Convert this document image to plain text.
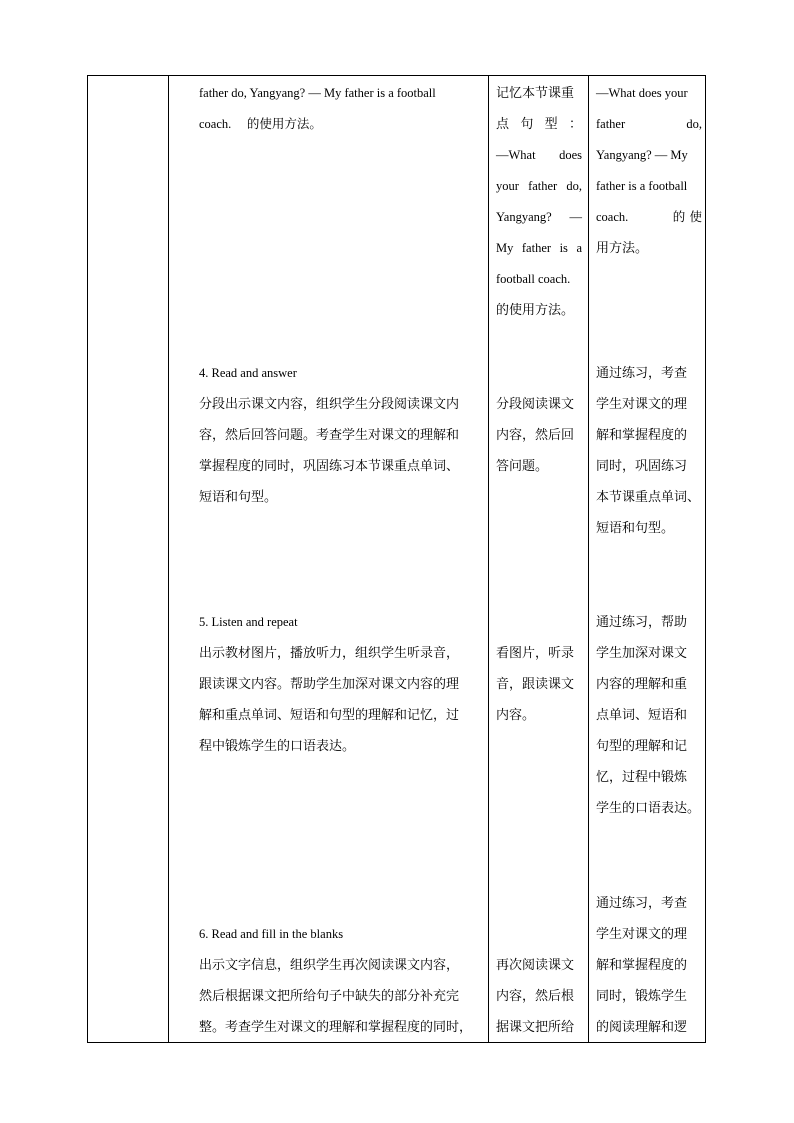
father do, Yangyang? — My father is a football
coach.     的使用方法。
记忆本节课重
点 句 型 ：
—What does
your father do,
Yangyang? —
My father is a
football coach.
的使用方法。
—What does your
father do,
Yangyang? — My
father is a football
coach.      的使
用方法。
4. Read and answer
分段出示课文内容，组织学生分段阅读课文内
容，然后回答问题。考查学生对课文的理解和
掌握程度的同时，巩固练习本节课重点单词、
短语和句型。
分段阅读课文
内容，然后回
答问题。
通过练习，考查
学生对课文的理
解和掌握程度的
同时，巩固练习
本节课重点单词、
短语和句型。
5. Listen and repeat
出示教材图片，播放听力，组织学生听录音，
跟读课文内容。帮助学生加深对课文内容的理
解和重点单词、短语和句型的理解和记忆，过
程中锻炼学生的口语表达。
看图片，听录
音，跟读课文
内容。
通过练习，帮助
学生加深对课文
内容的理解和重
点单词、短语和
句型的理解和记
忆，过程中锻炼
学生的口语表达。
6. Read and fill in the blanks
出示文字信息，组织学生再次阅读课文内容，
然后根据课文把所给句子中缺失的部分补充完
整。考查学生对课文的理解和掌握程度的同时，
再次阅读课文
内容，然后根
据课文把所给
通过练习，考查
学生对课文的理
解和掌握程度的
同时，锻炼学生
的阅读理解和逻
